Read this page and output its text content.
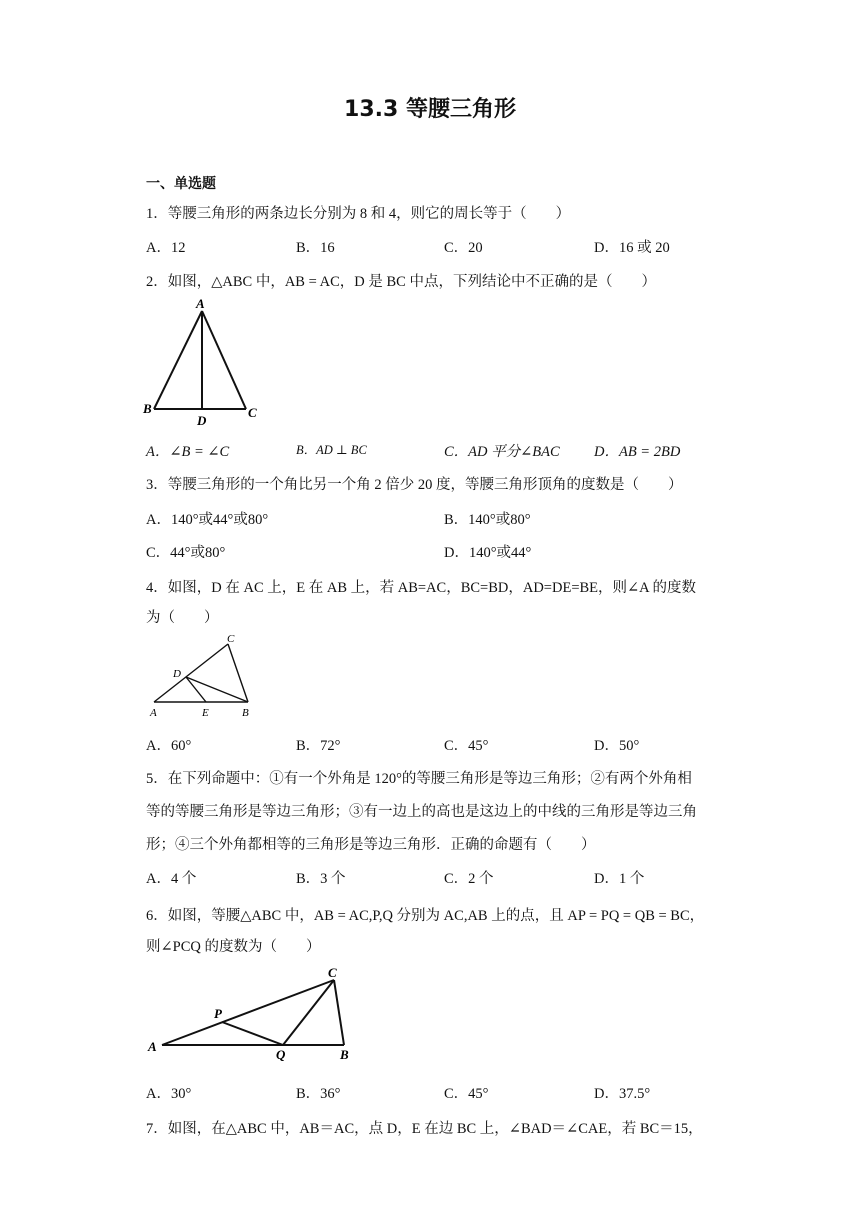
13.3 等腰三角形
一、单选题
1．等腰三角形的两条边长分别为 8 和 4，则它的周长等于（　　）
A．12	B．16	C．20	D．16 或 20
2．如图，△ABC 中，AB = AC，D 是 BC 中点，下列结论中不正确的是（　　）
A
B	C
D
A．∠B = ∠C	B．AD ⊥ BC	C．AD 平分∠BAC D．AB = 2BD
3．等腰三角形的一个角比另一个角 2 倍少 20 度，等腰三角形顶角的度数是（　　）
A．140°或44°或80°	B．140°或80°
C．44°或80°	D．140°或44°
4．如图，D 在 AC 上，E 在 AB 上，若 AB=AC，BC=BD，AD=DE=BE，则∠A 的度数
为（　　）
A	B
C
D
E
A．60°	B．72°	C．45°	D．50°
5．在下列命题中：①有一个外角是 120°的等腰三角形是等边三角形；②有两个外角相
等的等腰三角形是等边三角形；③有一边上的高也是这边上的中线的三角形是等边三角
形；④三个外角都相等的三角形是等边三角形．正确的命题有（　　）
A．4 个	B．3 个	C．2 个	D．1 个
6．如图，等腰△ABC 中，AB = AC,P,Q 分别为 AC,AB 上的点，且 AP = PQ = QB = BC，
则∠PCQ 的度数为（　　）
A
B
C
P
Q
A．30°	B．36°	C．45°	D．37.5°
7．如图，在△ABC 中，AB＝AC，点 D，E 在边 BC 上，∠BAD＝∠CAE，若 BC＝15，
